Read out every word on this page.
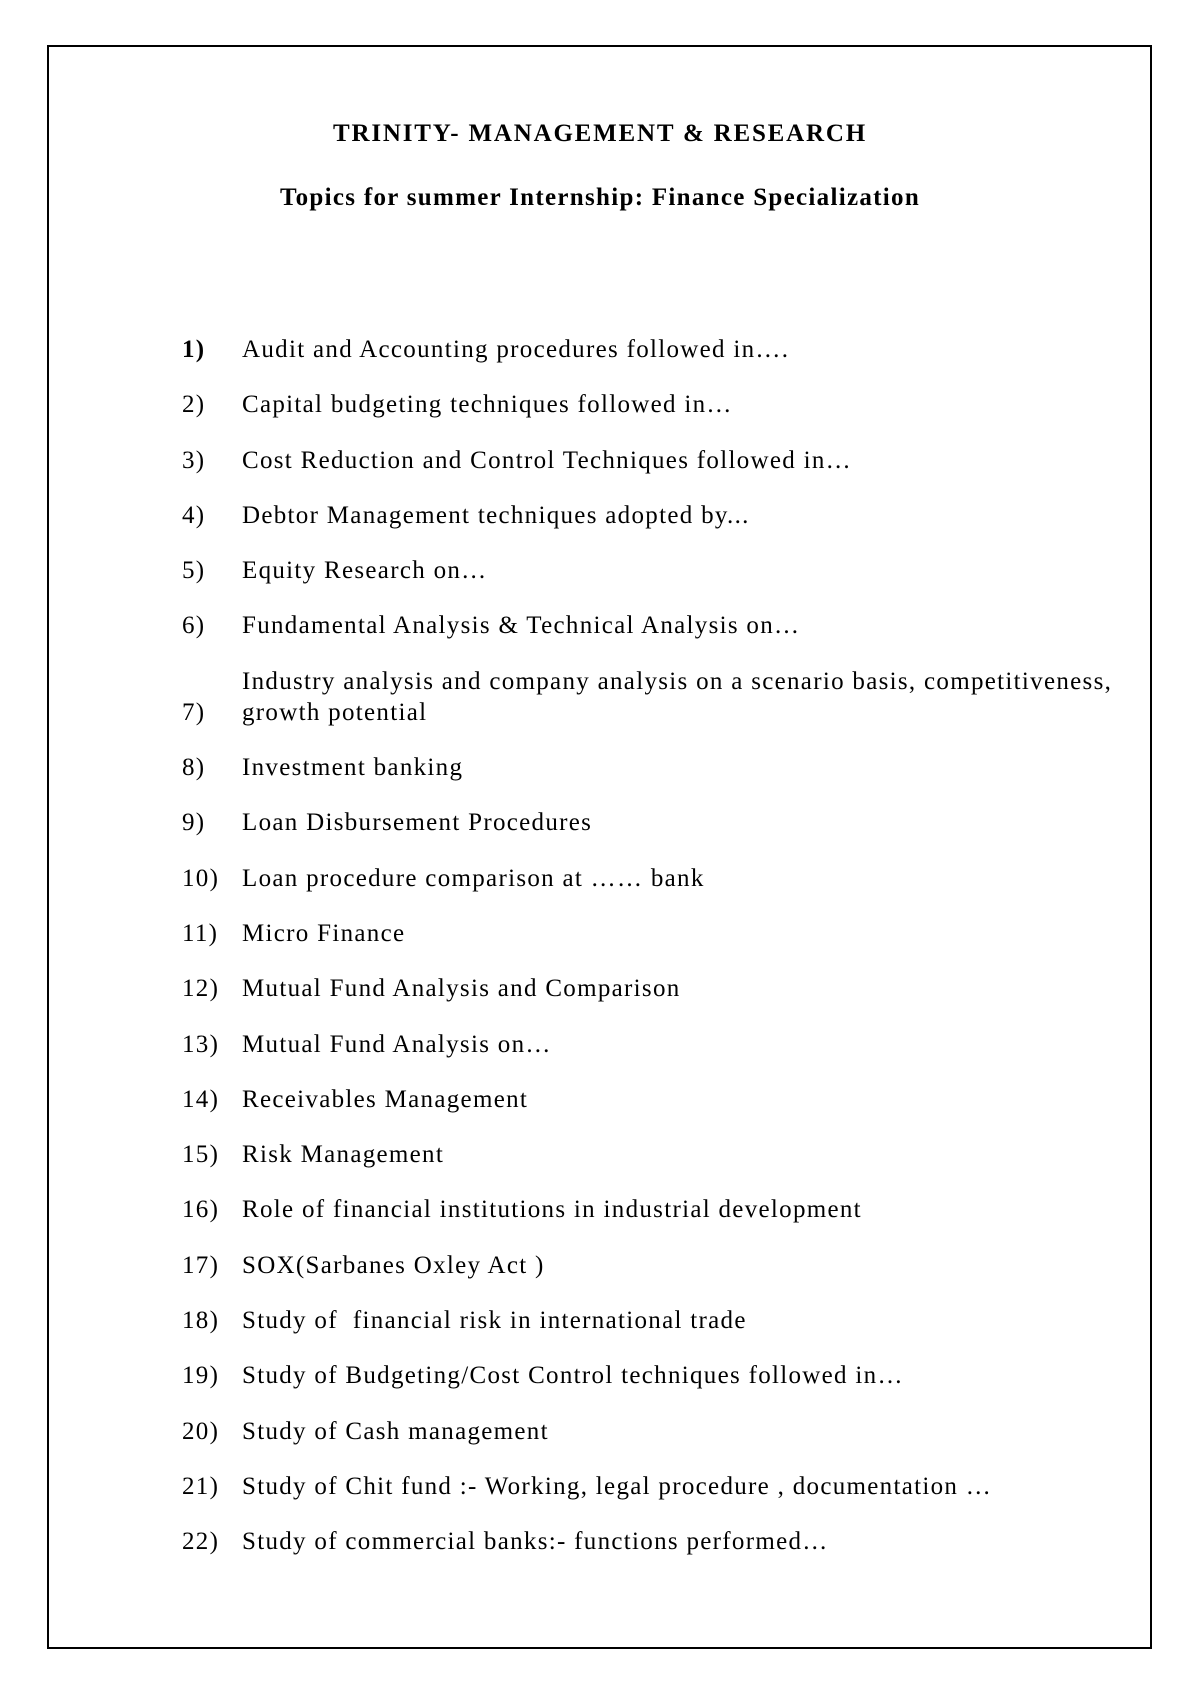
TRINITY- MANAGEMENT & RESEARCH
Topics for summer Internship: Finance Specialization
1)	Audit and Accounting procedures followed in….
2)	Capital budgeting techniques followed in…
3)	Cost Reduction and Control Techniques followed in…
4)	Debtor Management techniques adopted by...
5)	Equity Research on…
6)	Fundamental Analysis & Technical Analysis on…
7)
Industry analysis and company analysis on a scenario basis, competitiveness, growth potential
8)	Investment banking
9)	Loan Disbursement Procedures
10) Loan procedure comparison at …… bank
11) Micro Finance
12) Mutual Fund Analysis and Comparison
13) Mutual Fund Analysis on…
14) Receivables Management
15) Risk Management
16) Role of financial institutions in industrial development
17) SOX(Sarbanes Oxley Act )
18) Study of  financial risk in international trade
19) Study of Budgeting/Cost Control techniques followed in…
20) Study of Cash management
21) Study of Chit fund :- Working, legal procedure , documentation …
22) Study of commercial banks:- functions performed…
